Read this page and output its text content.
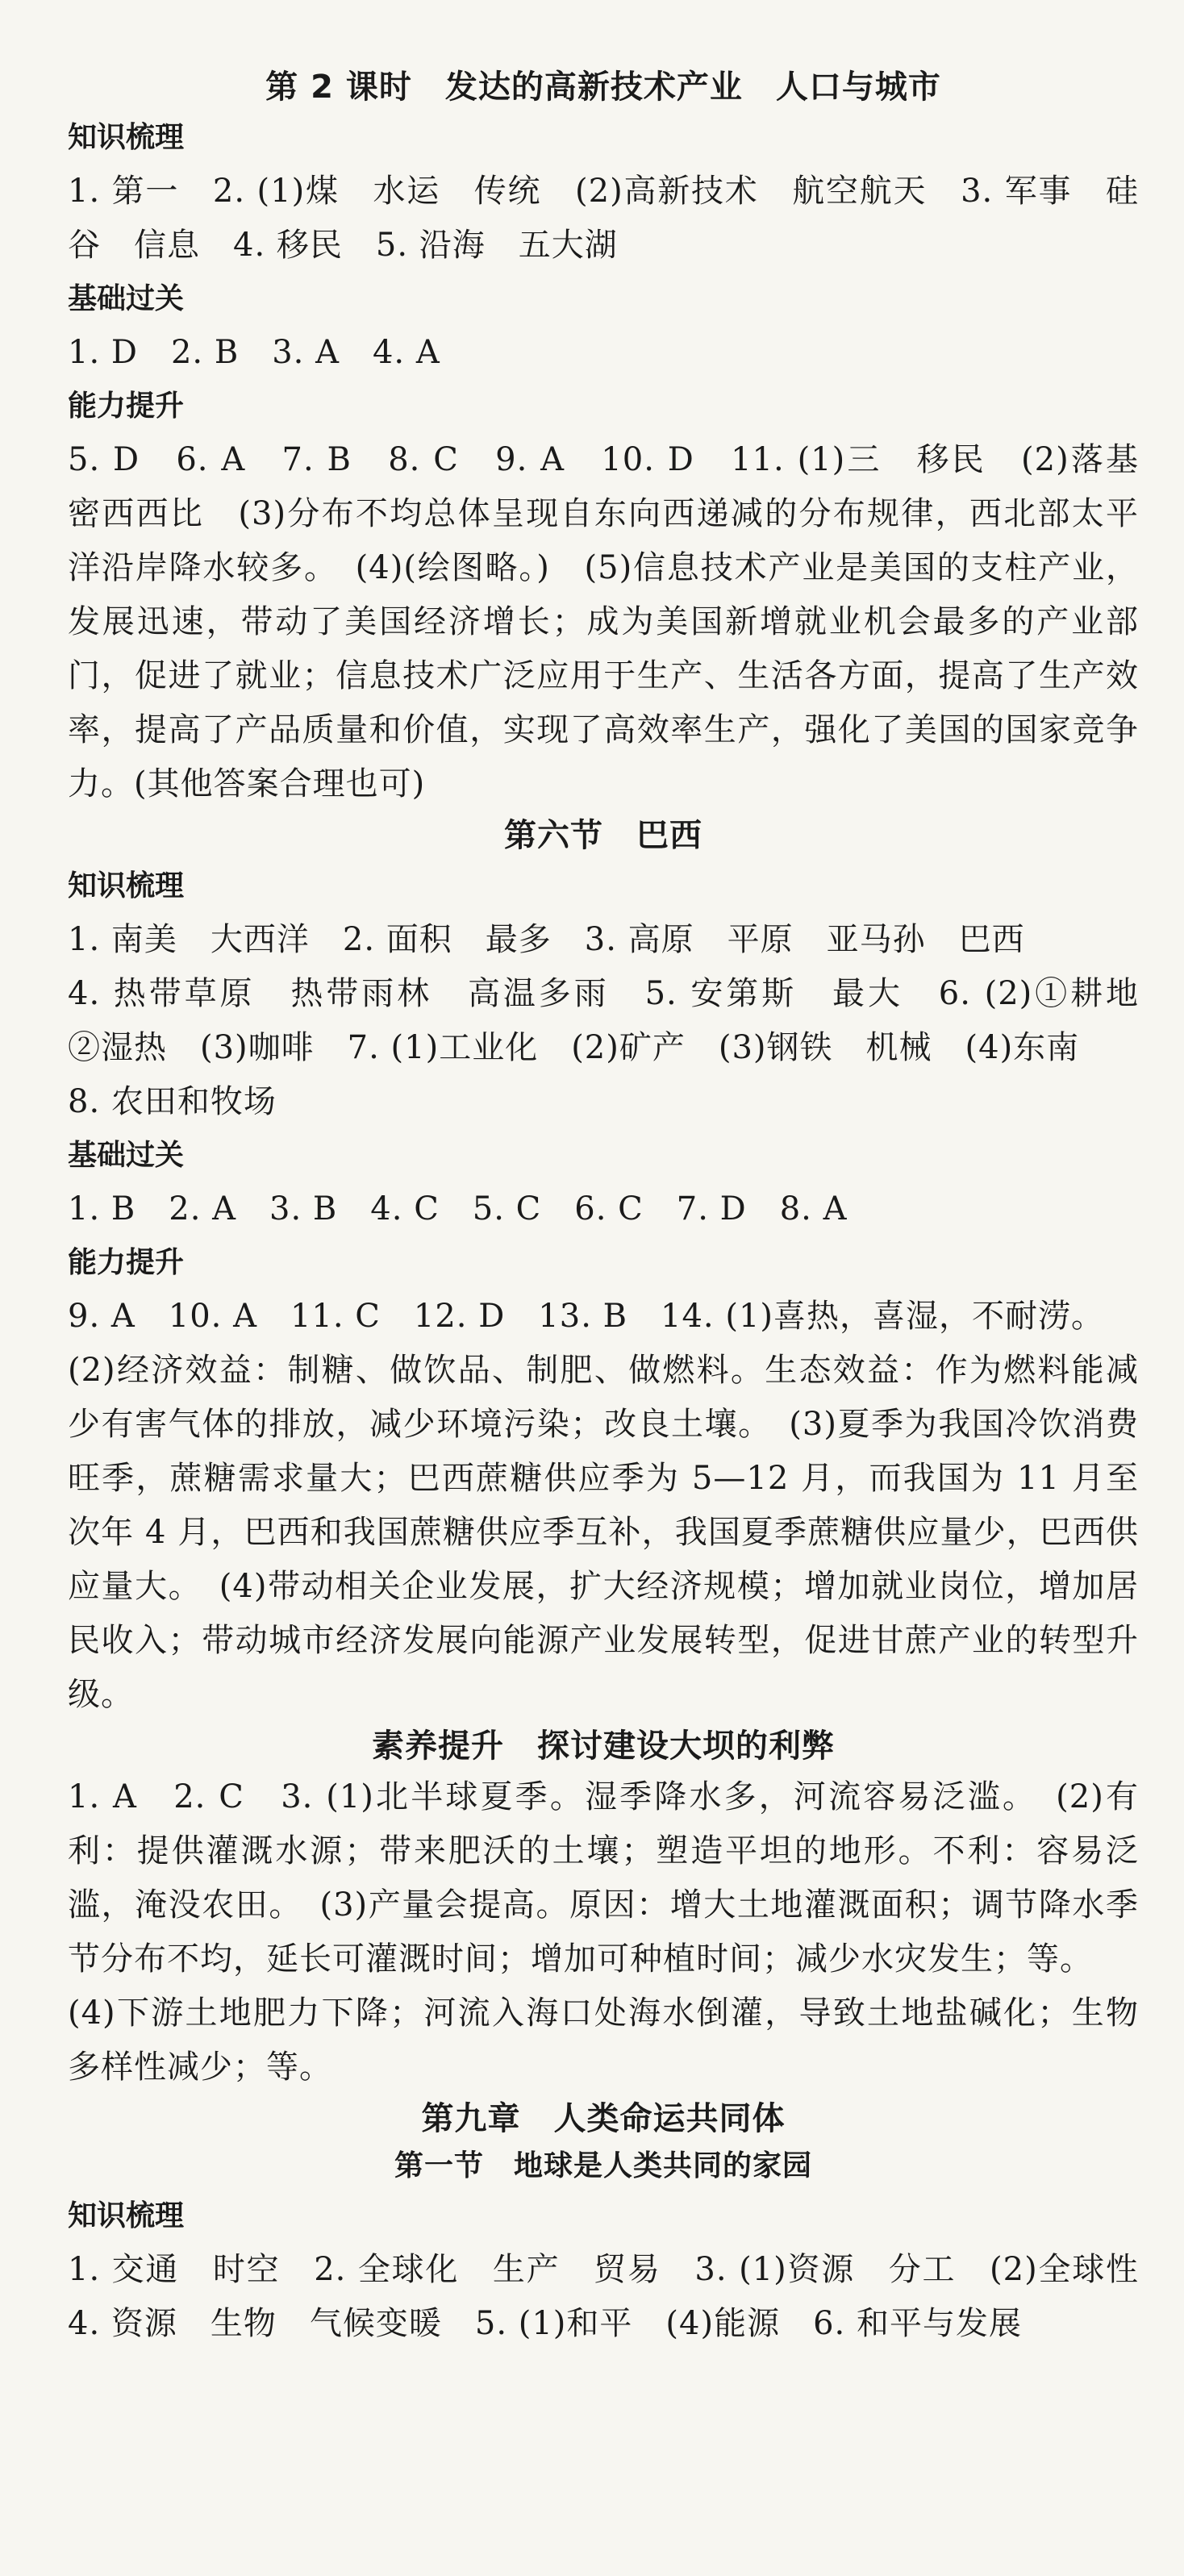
第 2 课时　发达的高新技术产业　人口与城市
知识梳理

1. 第一　2. (1)煤　水运　传统　(2)高新技术　航空航天　3. 军事　硅谷　信息　4. 移民　5. 沿海　五大湖

基础过关

1. D　2. B　3. A　4. A

能力提升

5. D　6. A　7. B　8. C　9. A　10. D　11. (1)三　移民　(2)落基　密西西比　(3)分布不均总体呈现自东向西递减的分布规律，西北部太平洋沿岸降水较多。　(4)(绘图略。)　(5)信息技术产业是美国的支柱产业，发展迅速，带动了美国经济增长；成为美国新增就业机会最多的产业部门，促进了就业；信息技术广泛应用于生产、生活各方面，提高了生产效率，提高了产品质量和价值，实现了高效率生产，强化了美国的国家竞争力。(其他答案合理也可)

第六节　巴西
知识梳理

1. 南美　大西洋　2. 面积　最多　3. 高原　平原　亚马孙　巴西

4. 热带草原　热带雨林　高温多雨　5. 安第斯　最大　6. (2)①耕地　②湿热　(3)咖啡　7. (1)工业化　(2)矿产　(3)钢铁　机械　(4)东南

8. 农田和牧场

基础过关

1. B　2. A　3. B　4. C　5. C　6. C　7. D　8. A

能力提升

9. A　10. A　11. C　12. D　13. B　14. (1)喜热，喜湿，不耐涝。

(2)经济效益：制糖、做饮品、制肥、做燃料。生态效益：作为燃料能减少有害气体的排放，减少环境污染；改良土壤。　(3)夏季为我国冷饮消费旺季，蔗糖需求量大；巴西蔗糖供应季为 5—12 月，而我国为 11 月至次年 4 月，巴西和我国蔗糖供应季互补，我国夏季蔗糖供应量少，巴西供应量大。　(4)带动相关企业发展，扩大经济规模；增加就业岗位，增加居民收入；带动城市经济发展向能源产业发展转型，促进甘蔗产业的转型升级。

素养提升　探讨建设大坝的利弊

1. A　2. C　3. (1)北半球夏季。湿季降水多，河流容易泛滥。　(2)有利：提供灌溉水源；带来肥沃的土壤；塑造平坦的地形。不利：容易泛滥，淹没农田。　(3)产量会提高。原因：增大土地灌溉面积；调节降水季节分布不均，延长可灌溉时间；增加可种植时间；减少水灾发生；等。

(4)下游土地肥力下降；河流入海口处海水倒灌，导致土地盐碱化；生物多样性减少；等。

第九章　人类命运共同体
第一节　地球是人类共同的家园
知识梳理

1. 交通　时空　2. 全球化　生产　贸易　3. (1)资源　分工　(2)全球性　4. 资源　生物　气候变暖　5. (1)和平　(4)能源　6. 和平与发展
